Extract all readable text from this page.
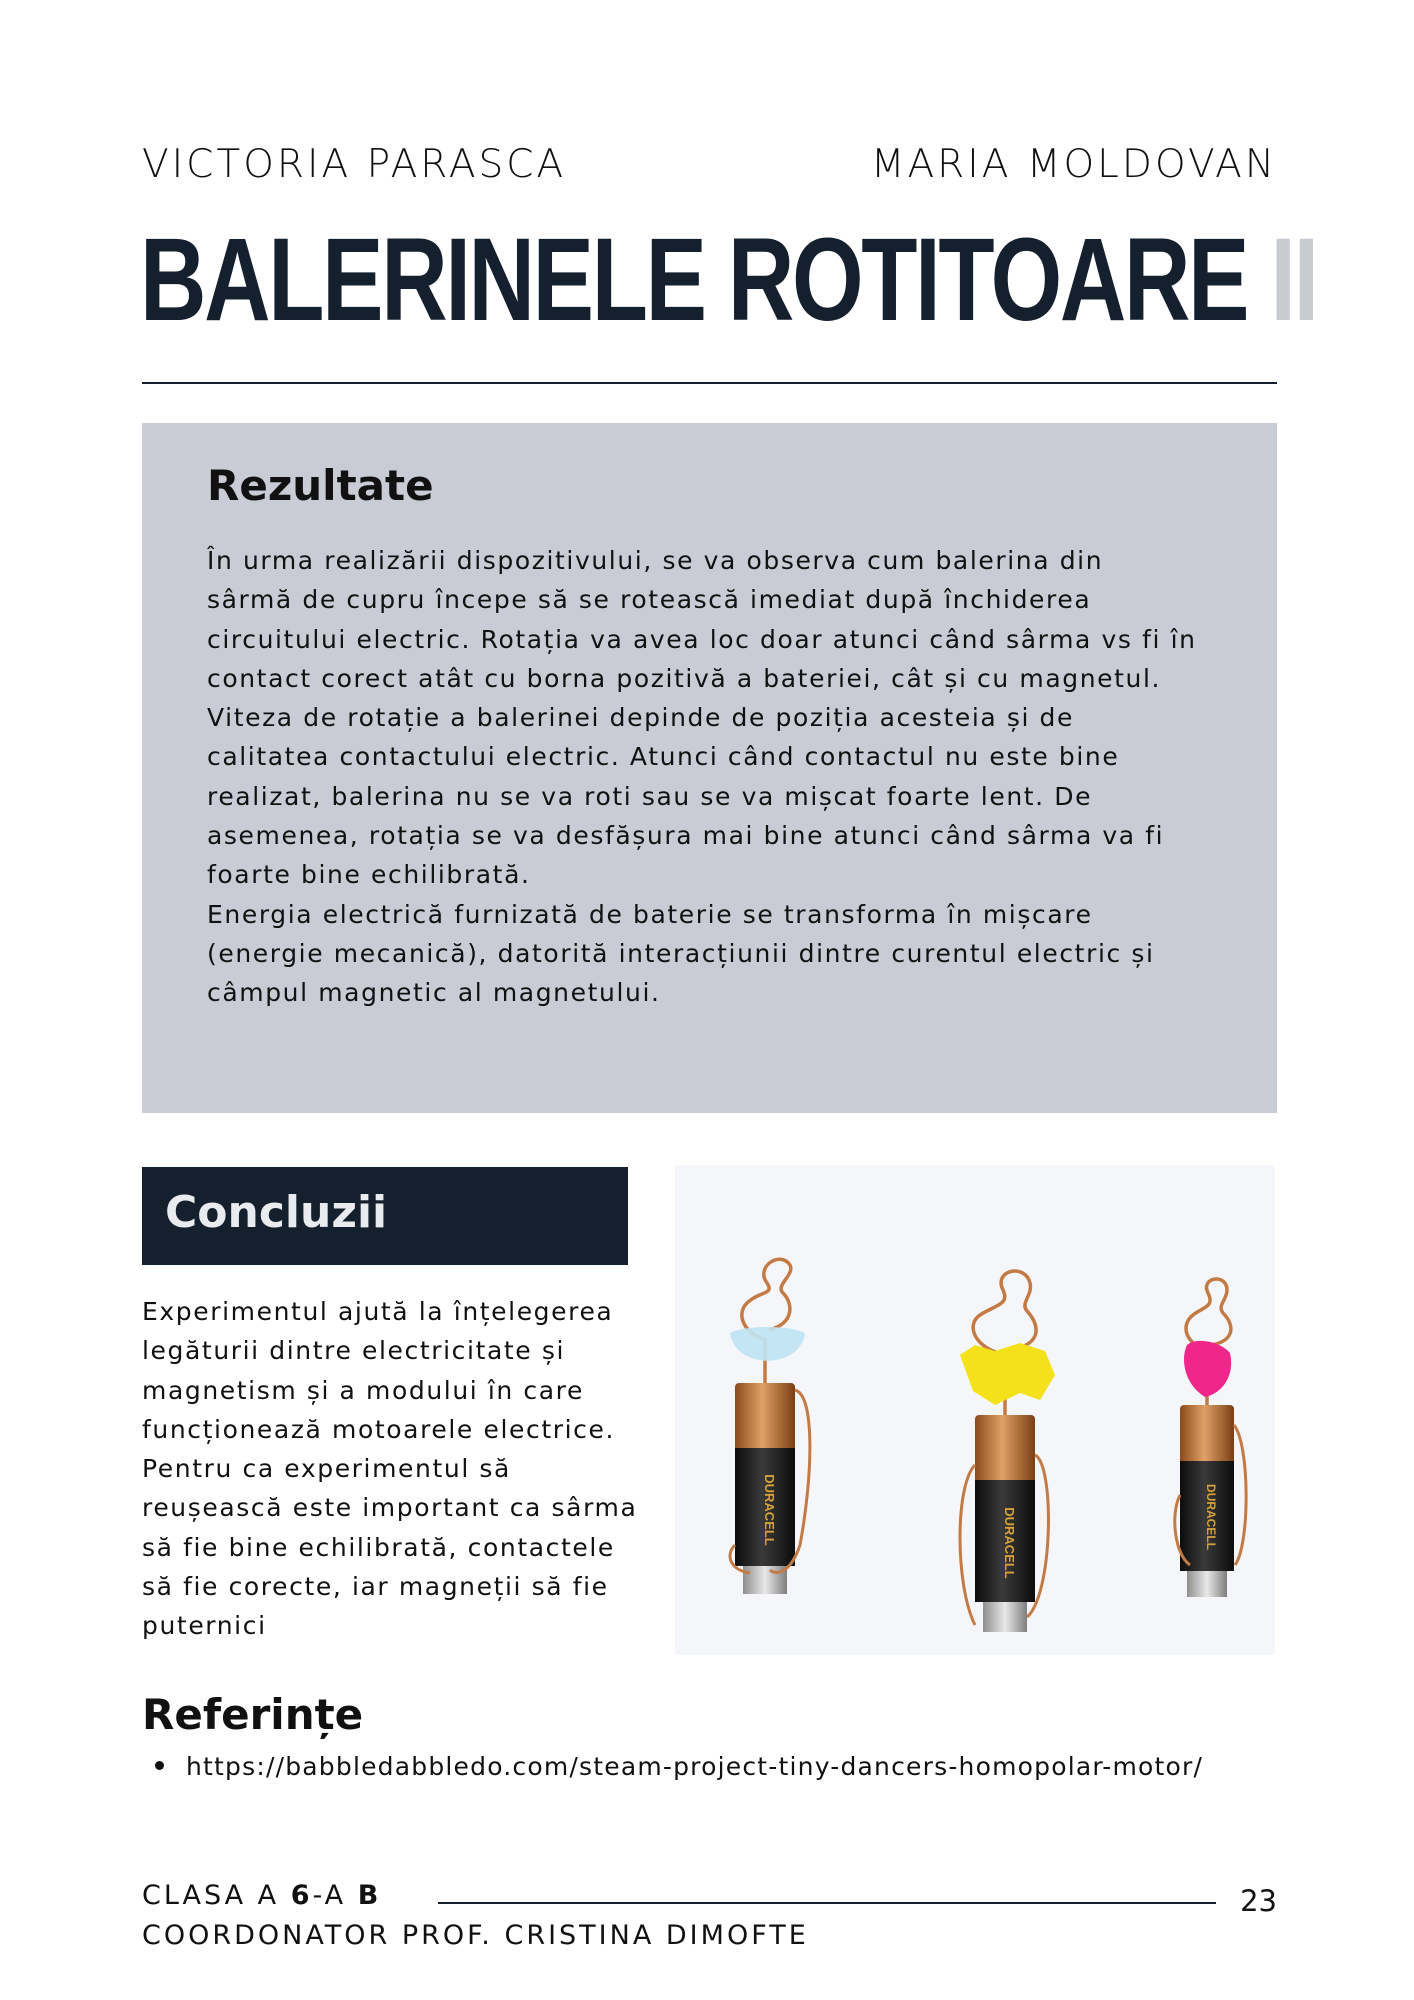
VICTORIA PARASCA	MARIA MOLDOVAN
BALERINELE ROTITOARE II
Rezultate

În urma realizării dispozitivului, se va observa cum balerina din sârmă de cupru începe să se rotească imediat după închiderea circuitului electric. Rotația va avea loc doar atunci când sârma vs fi în contact corect atât cu borna pozitivă a bateriei, cât și cu magnetul.

Viteza de rotație a balerinei depinde de poziția acesteia și de calitatea contactului electric. Atunci când contactul nu este bine realizat, balerina nu se va roti sau se va mișcat foarte lent. De asemenea, rotația se va desfășura mai bine atunci când sârma va fi foarte bine echilibrată.

Energia electrică furnizată de baterie se transforma în mișcare (energie mecanică), datorită interacțiunii dintre curentul electric și câmpul magnetic al magnetului.

Concluzii

Experimentul ajută la înțelegerea legăturii dintre electricitate și magnetism și a modului în care funcționează motoarele electrice. Pentru ca experimentul să reușească este important ca sârma să fie bine echilibrată, contactele să fie corecte, iar magneții să fie puternici

DURACELL	DURACELL	DURACELL
Referințe
https://babbledabbledo.com/steam-project-tiny-dancers-homopolar-motor/
CLASA A 6-A B	23
COORDONATOR PROF. CRISTINA DIMOFTE
